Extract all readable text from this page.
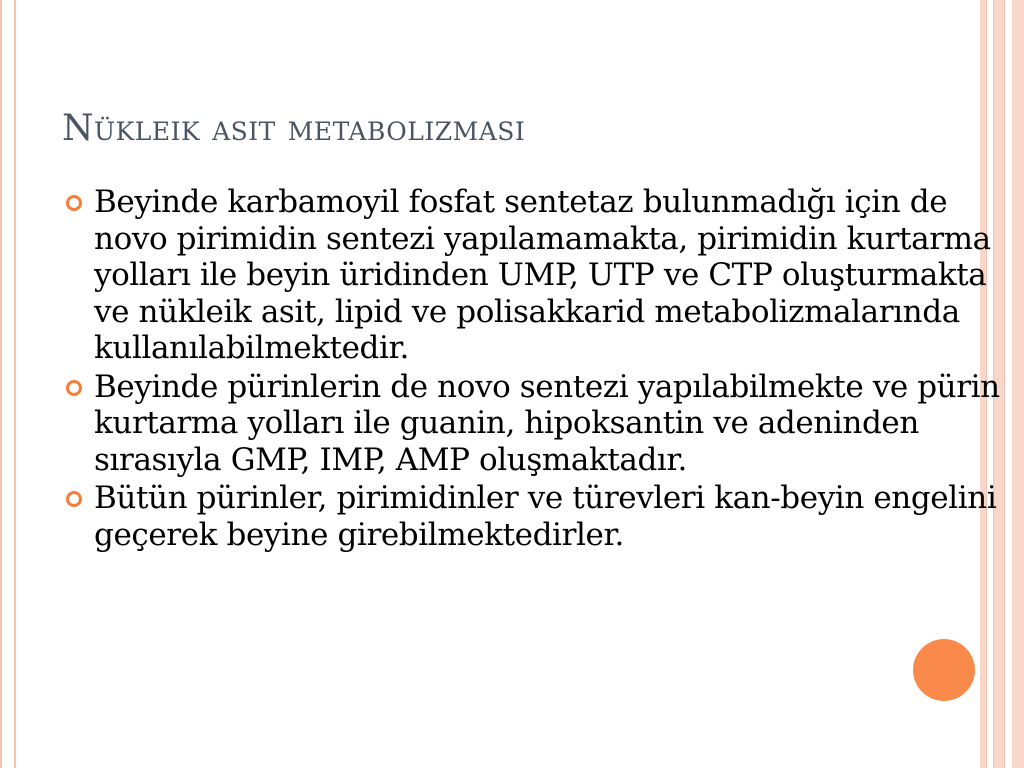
Nükleik asit metabolizması
Beyinde karbamoyil fosfat sentetaz bulunmadığı için de novo pirimidin sentezi yapılamamakta, pirimidin kurtarma yolları ile beyin üridinden UMP, UTP ve CTP oluşturmakta ve nükleik asit, lipid ve polisakkarid metabolizmalarında kullanılabilmektedir.
Beyinde pürinlerin de novo sentezi yapılabilmekte ve pürin kurtarma yolları ile guanin, hipoksantin ve adeninden sırasıyla GMP, IMP, AMP oluşmaktadır.
Bütün pürinler, pirimidinler ve türevleri kan-beyin engelini geçerek beyine girebilmektedirler.
